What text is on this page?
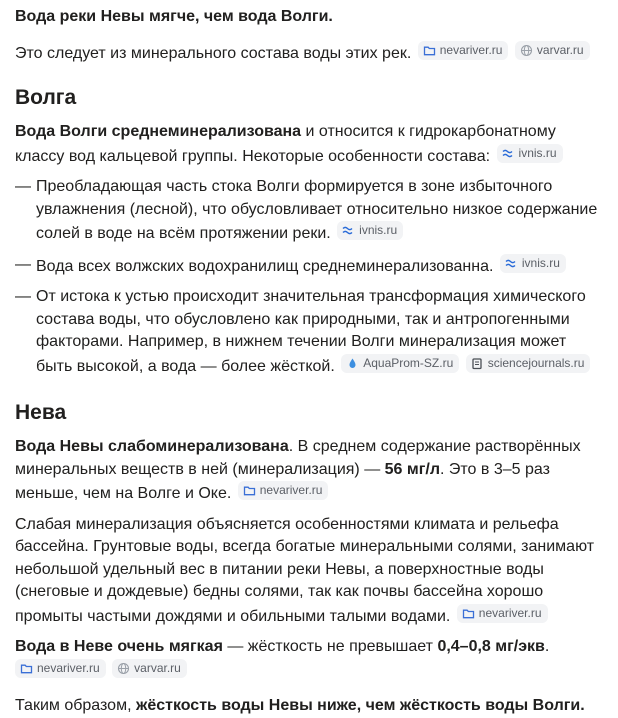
Вода реки Невы мягче, чем вода Волги.

Это следует из минерального состава воды этих рек. nevariver.ru
	varvar.ru

Волга

Вода Волги среднеминерализована и относится к гидрокарбонатному классу вод кальцевой группы. Некоторые особенности состава: ivnis.ru

— Преобладающая часть стока Волги формируется в зоне избыточного увлажнения (лесной), что обусловливает относительно низкое содержание солей в воде на всём протяжении реки. ivnis.ru
— Вода всех волжских водохранилищ среднеминерализованна. ivnis.ru
— От истока к устью происходит значительная трансформация химического состава воды, что обусловлено как природными, так и антропогенными факторами. Например, в нижнем течении Волги минерализация может быть высокой, а вода — более жёсткой. AquaProm-SZ.ru
	sciencejournals.ru
Нева

Вода Невы слабоминерализована. В среднем содержание растворённых минеральных веществ в ней (минерализация) — 56 мг/л. Это в 3–5 раз меньше, чем на Волге и Оке. nevariver.ru

Слабая минерализация объясняется особенностями климата и рельефа бассейна. Грунтовые воды, всегда богатые минеральными солями, занимают небольшой удельный вес в питании реки Невы, а поверхностные воды (снеговые и дождевые) бедны солями, так как почвы бассейна хорошо промыты частыми дождями и обильными талыми водами. nevariver.ru

Вода в Неве очень мягкая — жёсткость не превышает 0,4–0,8 мг/экв.

nevariver.ru
	varvar.ru

Таким образом, жёсткость воды Невы ниже, чем жёсткость воды Волги.
